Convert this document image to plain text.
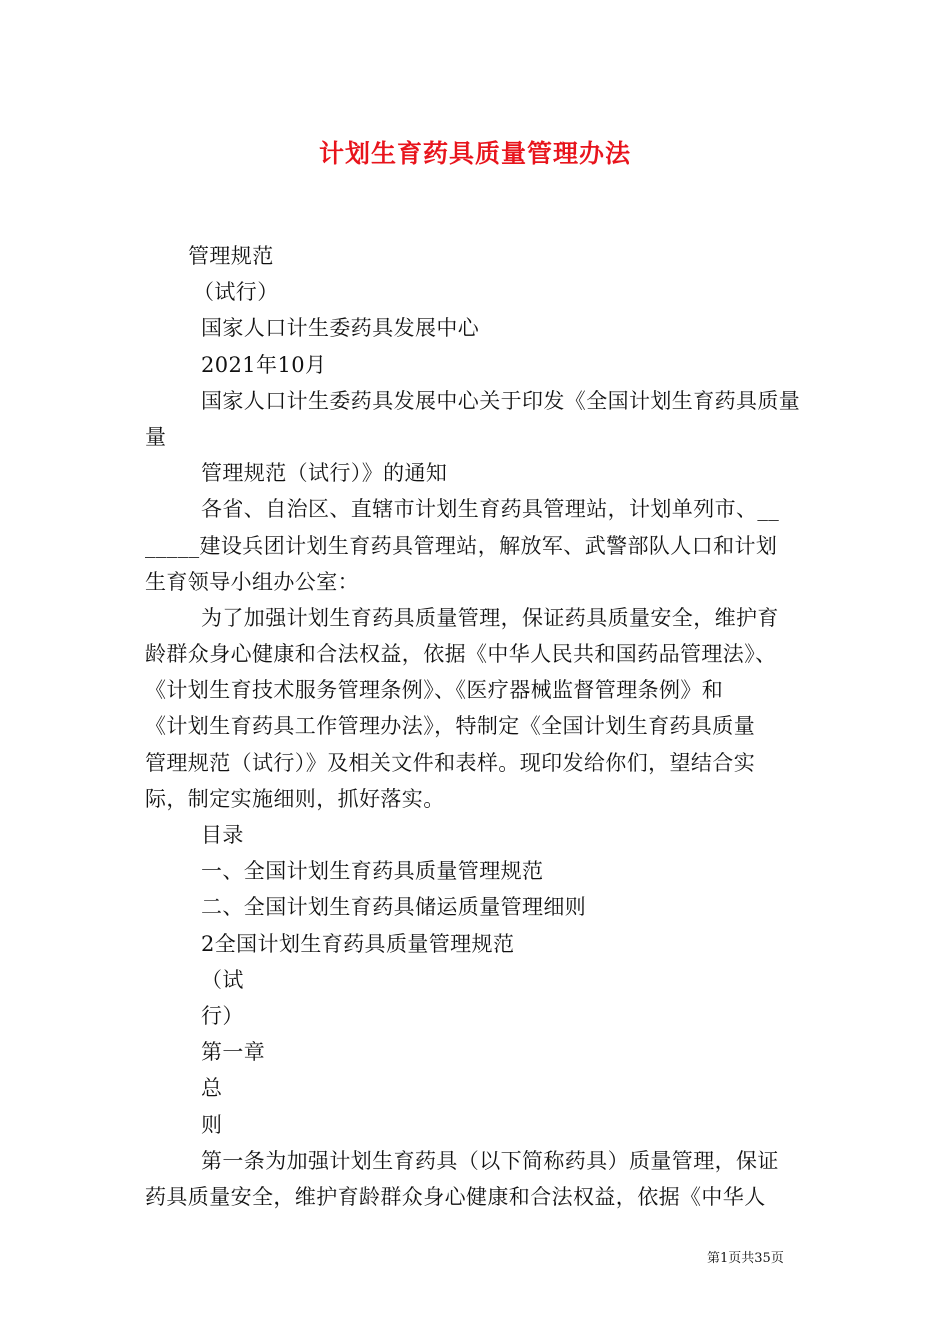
计划生育药具质量管理办法
管理规范
（试行）
国家人口计生委药具发展中心
2021年10月
国家人口计生委药具发展中心关于印发《全国计划生育药具质量
量
管理规范（试行）》的通知
各省、自治区、直辖市计划生育药具管理站，计划单列市、__
_____建设兵团计划生育药具管理站，解放军、武警部队人口和计划
生育领导小组办公室：
为了加强计划生育药具质量管理，保证药具质量安全，维护育
龄群众身心健康和合法权益，依据《中华人民共和国药品管理法》、
《计划生育技术服务管理条例》、《医疗器械监督管理条例》和
《计划生育药具工作管理办法》，特制定《全国计划生育药具质量
管理规范（试行）》及相关文件和表样。现印发给你们，望结合实
际，制定实施细则，抓好落实。
目录
一、全国计划生育药具质量管理规范
二、全国计划生育药具储运质量管理细则
2全国计划生育药具质量管理规范
（试
行）
第一章
总
则
第一条为加强计划生育药具（以下简称药具）质量管理，保证
药具质量安全，维护育龄群众身心健康和合法权益，依据《中华人
第1页共35页
